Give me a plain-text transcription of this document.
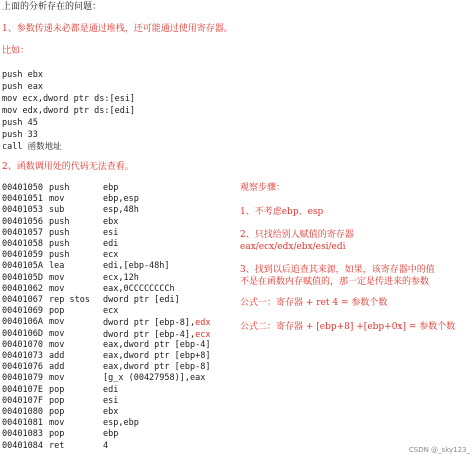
上面的分析存在的问题：
1、参数传递未必都是通过堆栈，还可能通过使用寄存器。
比如：
push ebx
push eax
mov ecx,dword ptr ds:[esi]
mov edx,dword ptr ds:[edi]
push 45
push 33
call 函数地址
2、函数调用处的代码无法查看。
00401050 push	ebp
00401051 mov	ebp,esp
00401053 sub	esp,48h
00401056 push	ebx
00401057 push	esi
00401058 push	edi
00401059 push	ecx
0040105A lea	edi,[ebp-48h]
0040105D mov	ecx,12h
00401062 mov	eax,0CCCCCCCCh
00401067 rep stos dword ptr [edi]
00401069 pop	ecx
0040106A mov	dword ptr [ebp-8],edx
0040106D mov	dword ptr [ebp-4],ecx
00401070 mov	eax,dword ptr [ebp-4]
00401073 add	eax,dword ptr [ebp+8]
00401076 add	eax,dword ptr [ebp-8]
00401079 mov	[g_x (00427958)],eax
0040107E pop	edi
0040107F pop	esi
00401080 pop	ebx
00401081 mov	esp,ebp
00401083 pop	ebp
00401084 ret	4
观察步骤：
1、不考虑ebp、esp
2、只找给别人赋值的寄存器
eax/ecx/edx/ebx/esi/edi
3、找到以后追查其来源，如果，该寄存器中的值
不是在函数内存赋值的，那一定是传进来的参数
公式一：寄存器 + ret 4 = 参数个数
公式二：寄存器 + [ebp+8] +[ebp+0x] = 参数个数
CSDN @_sky123_
